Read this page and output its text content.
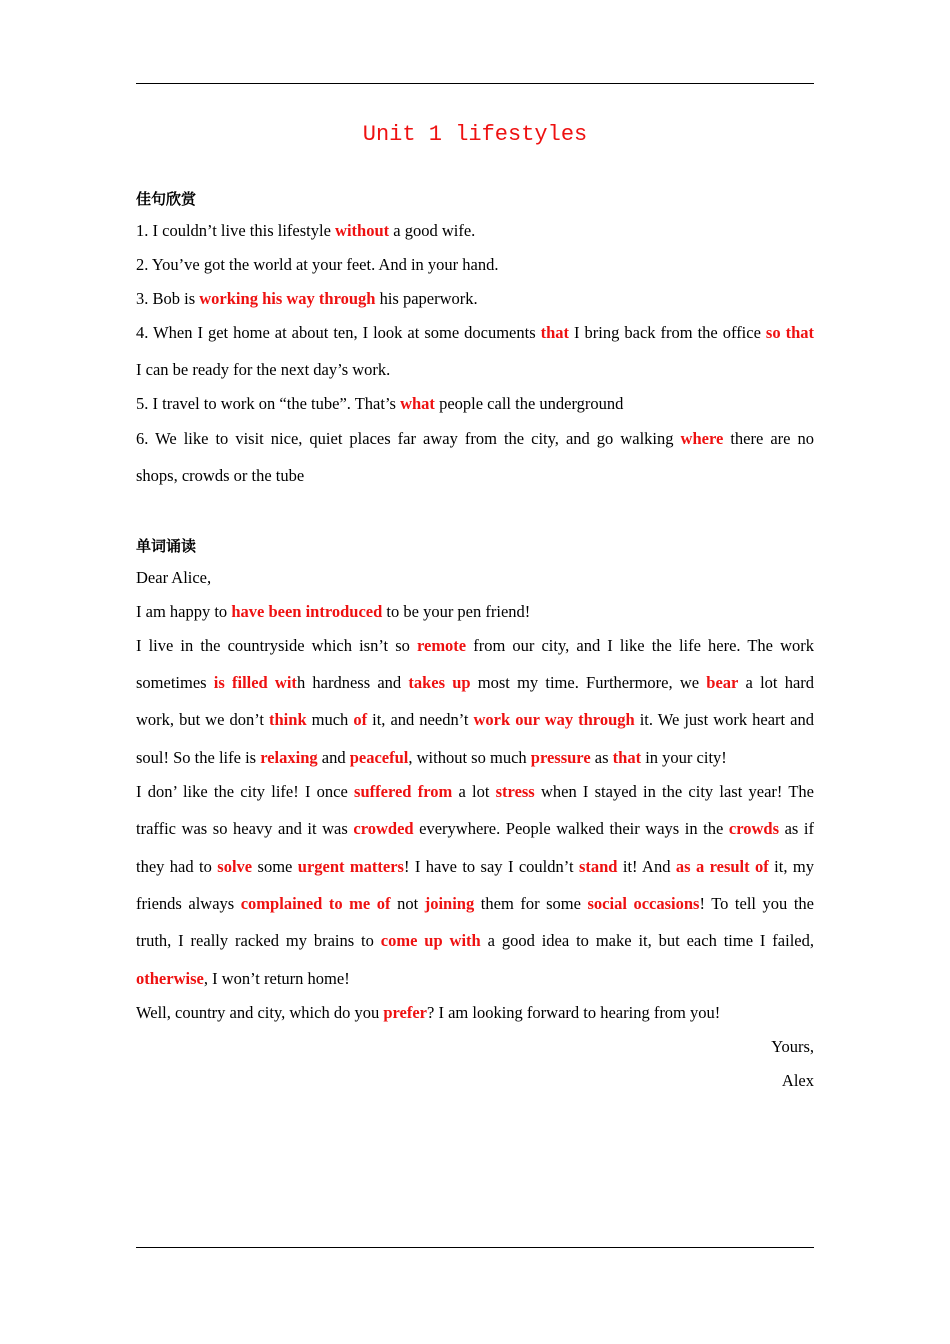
Unit 1 lifestyles
佳句欣赏
1. I couldn’t live this lifestyle without a good wife.
2. You’ve got the world at your feet. And in your hand.
3. Bob is working his way through his paperwork.
4. When I get home at about ten, I look at some documents that I bring back from the office so that
I can be ready for the next day’s work.
5. I travel to work on “the tube”. That’s what people call the underground
6. We like to visit nice, quiet places far away from the city, and go walking where there are no
shops, crowds or the tube
单词诵读
Dear Alice,
I am happy to have been introduced to be your pen friend!
I live in the countryside which isn’t so remote from our city, and I like the life here. The work
sometimes is filled with hardness and takes up most my time. Furthermore, we bear a lot hard
work, but we don’t think much of it, and needn’t work our way through it. We just work heart and
soul! So the life is relaxing and peaceful, without so much pressure as that in your city!
I don’ like the city life! I once suffered from a lot stress when I stayed in the city last year! The
traffic was so heavy and it was crowded everywhere. People walked their ways in the crowds as if
they had to solve some urgent matters! I have to say I couldn’t stand it! And as a result of it, my
friends always complained to me of not joining them for some social occasions! To tell you the
truth, I really racked my brains to come up with a good idea to make it, but each time I failed,
otherwise, I won’t return home!
Well, country and city, which do you prefer? I am looking forward to hearing from you!
Yours,
Alex
